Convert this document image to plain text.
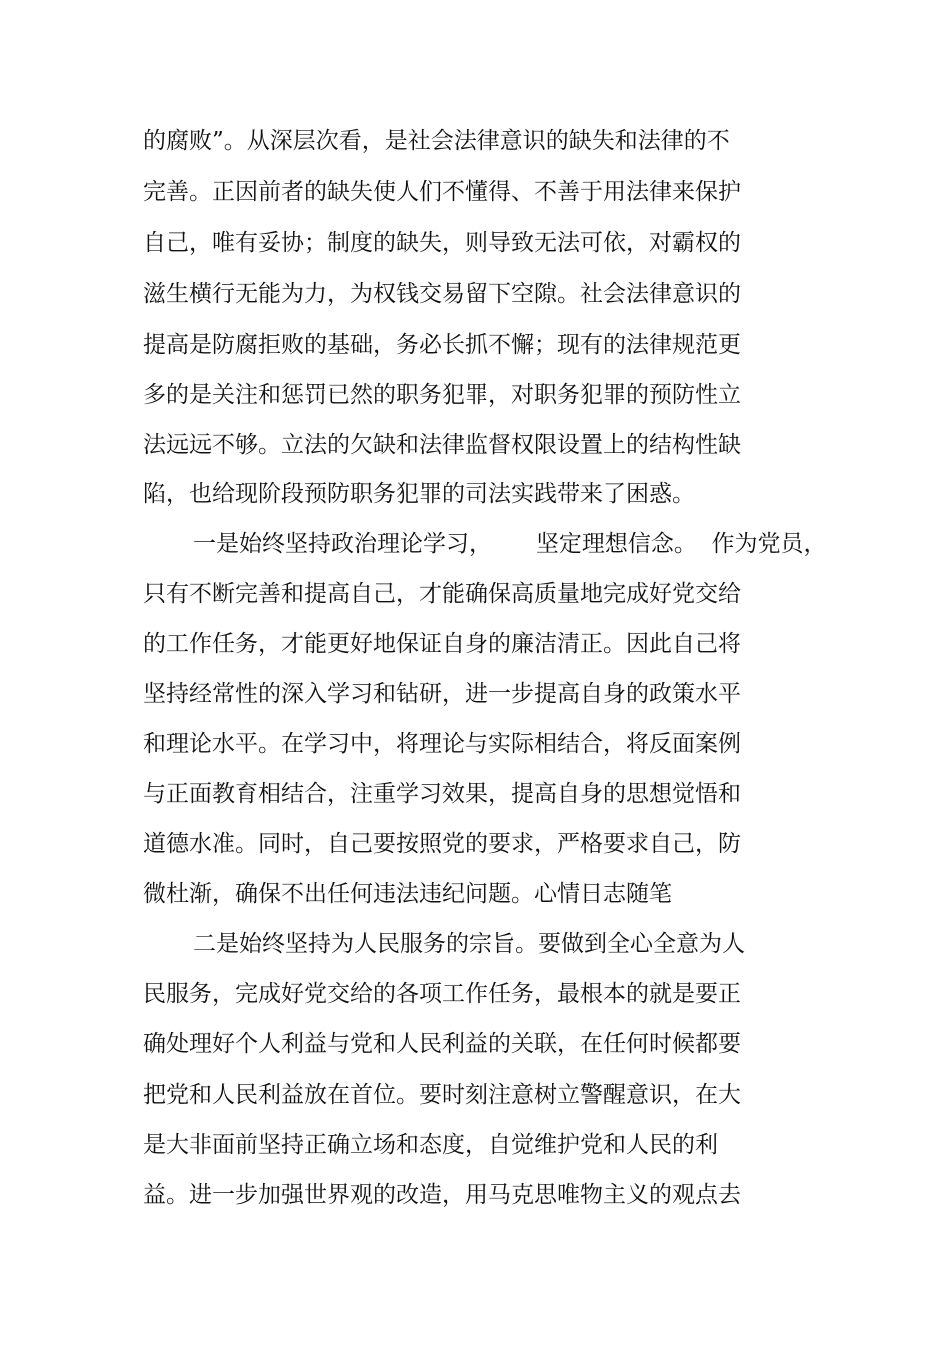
的腐败”。从深层次看，是社会法律意识的缺失和法律的不
完善。正因前者的缺失使人们不懂得、不善于用法律来保护
自己，唯有妥协；制度的缺失，则导致无法可依，对霸权的
滋生横行无能为力，为权钱交易留下空隙。社会法律意识的
提高是防腐拒败的基础，务必长抓不懈；现有的法律规范更
多的是关注和惩罚已然的职务犯罪，对职务犯罪的预防性立
法远远不够。立法的欠缺和法律监督权限设置上的结构性缺
陷，也给现阶段预防职务犯罪的司法实践带来了困惑。
一是始终坚持政治理论学习，      坚定理想信念。  作为党员，
只有不断完善和提高自己，才能确保高质量地完成好党交给
的工作任务，才能更好地保证自身的廉洁清正。因此自己将
坚持经常性的深入学习和钻研，进一步提高自身的政策水平
和理论水平。在学习中，将理论与实际相结合，将反面案例
与正面教育相结合，注重学习效果，提高自身的思想觉悟和
道德水准。同时，自己要按照党的要求，严格要求自己，防
微杜渐，确保不出任何违法违纪问题。心情日志随笔
二是始终坚持为人民服务的宗旨。要做到全心全意为人
民服务，完成好党交给的各项工作任务，最根本的就是要正
确处理好个人利益与党和人民利益的关联，在任何时候都要
把党和人民利益放在首位。要时刻注意树立警醒意识，在大
是大非面前坚持正确立场和态度，自觉维护党和人民的利
益。进一步加强世界观的改造，用马克思唯物主义的观点去
